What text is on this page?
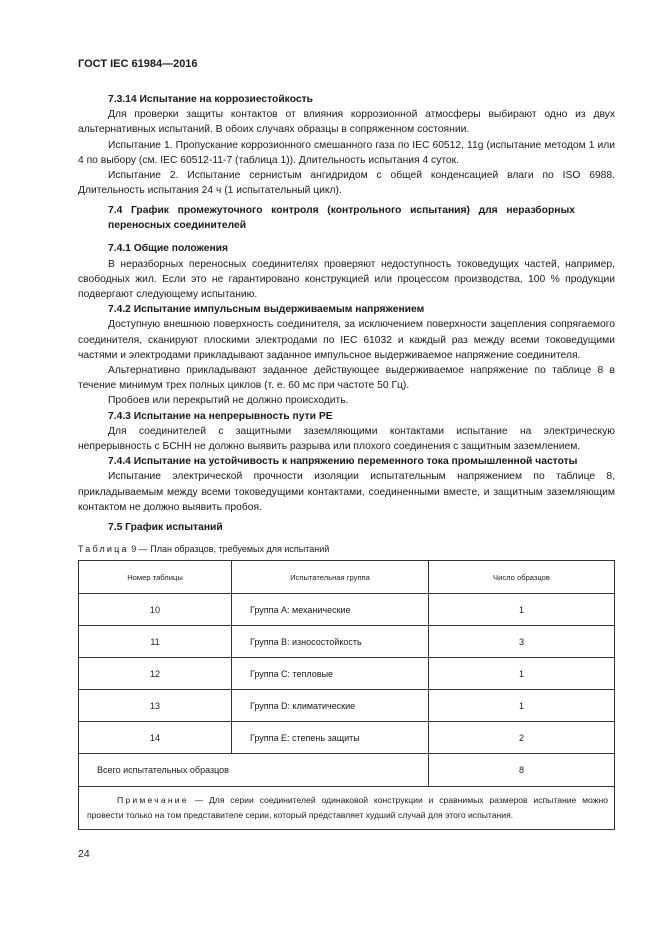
ГОСТ IEC 61984—2016

7.3.14 Испытание на коррозиестойкость

Для проверки защиты контактов от влияния коррозионной атмосферы выбирают одно из двух альтернативных испытаний. В обоих случаях образцы в сопряженном состоянии.

Испытание 1. Пропускание коррозионного смешанного газа по IEC 60512, 11g (испытание методом 1 или 4 по выбору (см. IEC 60512-11-7 (таблица 1)). Длительность испытания 4 суток.

Испытание 2. Испытание сернистым ангидридом с общей конденсацией влаги по ISO 6988. Длительность испытания 24 ч (1 испытательный цикл).

7.4 График промежуточного контроля (контрольного испытания) для неразборных переносных соединителей

7.4.1 Общие положения

В неразборных переносных соединителях проверяют недоступность токоведущих частей, например, свободных жил. Если это не гарантировано конструкцией или процессом производства, 100 % продукции подвергают следующему испытанию.

7.4.2 Испытание импульсным выдерживаемым напряжением

Доступную внешнюю поверхность соединителя, за исключением поверхности зацепления сопрягаемого соединителя, сканируют плоскими электродами по IEC 61032 и каждый раз между всеми токоведущими частями и электродами прикладывают заданное импульсное выдерживаемое напряжение соединителя.

Альтернативно прикладывают заданное действующее выдерживаемое напряжение по таблице 8 в течение минимум трех полных циклов (т. е. 60 мс при частоте 50 Гц).

Пробоев или перекрытий не должно происходить.

7.4.3 Испытание на непрерывность пути PE

Для соединителей с защитными заземляющими контактами испытание на электрическую непрерывность с БСНН не должно выявить разрыва или плохого соединения с защитным заземлением.

7.4.4 Испытание на устойчивость к напряжению переменного тока промышленной частоты

Испытание электрической прочности изоляции испытательным напряжением по таблице 8, прикладываемым между всеми токоведущими контактами, соединенными вместе, и защитным заземляющим контактом не должно выявить пробоя.

7.5 График испытаний

Таблица 9 — План образцов, требуемых для испытаний
Номер таблицы	Испытательная группа	Число образцов
10	Группа А: механические	1
11	Группа В: износостойкость	3
12	Группа С: тепловые	1
13	Группа D: климатические	1
14	Группа Е: степень защиты	2
Всего испытательных образцов		8
Примечание — Для серии соединителей одинаковой конструкции и сравнимых размеров испытание можно провести только на том представителе серии, который представляет худший случай для этого испытания.		
24
